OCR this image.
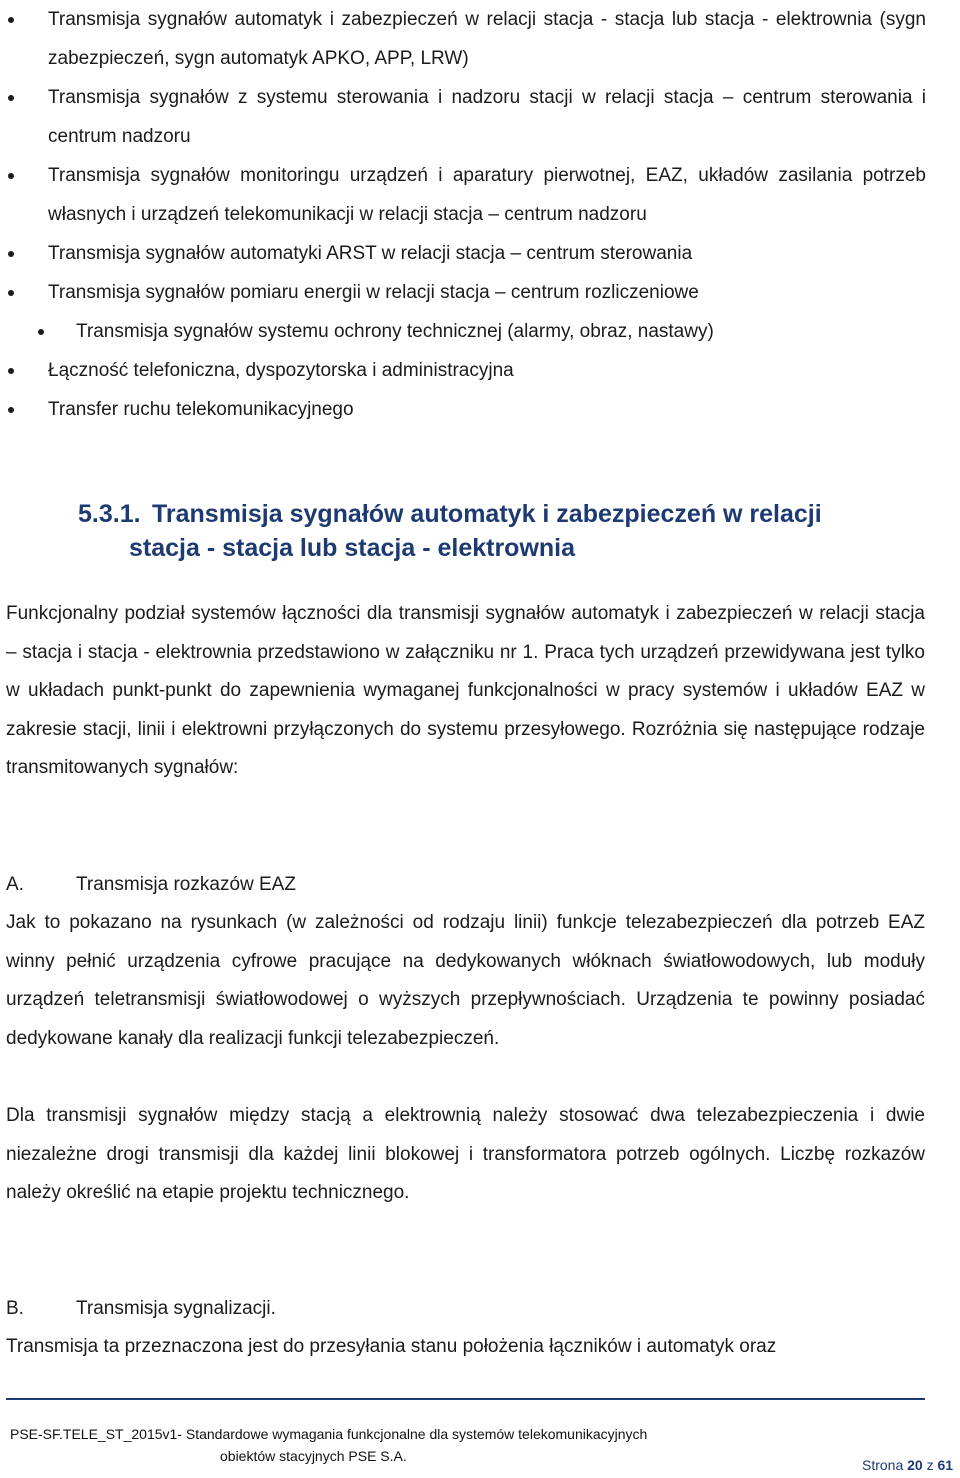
Transmisja sygnałów automatyk i zabezpieczeń w relacji stacja - stacja lub stacja - elektrownia (sygn zabezpieczeń, sygn automatyk APKO, APP, LRW)
Transmisja sygnałów z systemu sterowania i nadzoru stacji w relacji stacja – centrum sterowania i centrum nadzoru
Transmisja sygnałów monitoringu urządzeń i aparatury pierwotnej, EAZ, układów zasilania potrzeb własnych i urządzeń telekomunikacji w relacji stacja – centrum nadzoru
Transmisja sygnałów automatyki ARST w relacji stacja – centrum sterowania
Transmisja sygnałów pomiaru energii w relacji stacja – centrum rozliczeniowe
Transmisja sygnałów systemu ochrony technicznej (alarmy, obraz, nastawy)
Łączność telefoniczna, dyspozytorska i administracyjna
Transfer ruchu telekomunikacyjnego
5.3.1. Transmisja sygnałów automatyk i zabezpieczeń w relacji
stacja - stacja lub stacja - elektrownia

Funkcjonalny podział systemów łączności dla transmisji sygnałów automatyk i zabezpieczeń w relacji stacja – stacja i stacja - elektrownia przedstawiono w załączniku nr 1. Praca tych urządzeń przewidywana jest tylko w układach punkt-punkt do zapewnienia wymaganej funkcjonalności w pracy systemów i układów EAZ w zakresie stacji, linii i elektrowni przyłączonych do systemu przesyłowego. Rozróżnia się następujące rodzaje transmitowanych sygnałów:

A.	Transmisja rozkazów EAZ

Jak to pokazano na rysunkach (w zależności od rodzaju linii) funkcje telezabezpieczeń dla potrzeb EAZ winny pełnić urządzenia cyfrowe pracujące na dedykowanych włóknach światłowodowych, lub moduły urządzeń teletransmisji światłowodowej o wyższych przepływnościach. Urządzenia te powinny posiadać dedykowane kanały dla realizacji funkcji telezabezpieczeń.

Dla transmisji sygnałów między stacją a elektrownią należy stosować dwa telezabezpieczenia i dwie niezależne drogi transmisji dla każdej linii blokowej i transformatora potrzeb ogólnych. Liczbę rozkazów należy określić na etapie projektu technicznego.

B.	Transmisja sygnalizacji.

Transmisja ta przeznaczona jest do przesyłania stanu położenia łączników i automatyk oraz

PSE-SF.TELE_ST_2015v1- Standardowe wymagania funkcjonalne dla systemów telekomunikacyjnych
obiektów stacyjnych PSE S.A.
Strona 20 z 61
